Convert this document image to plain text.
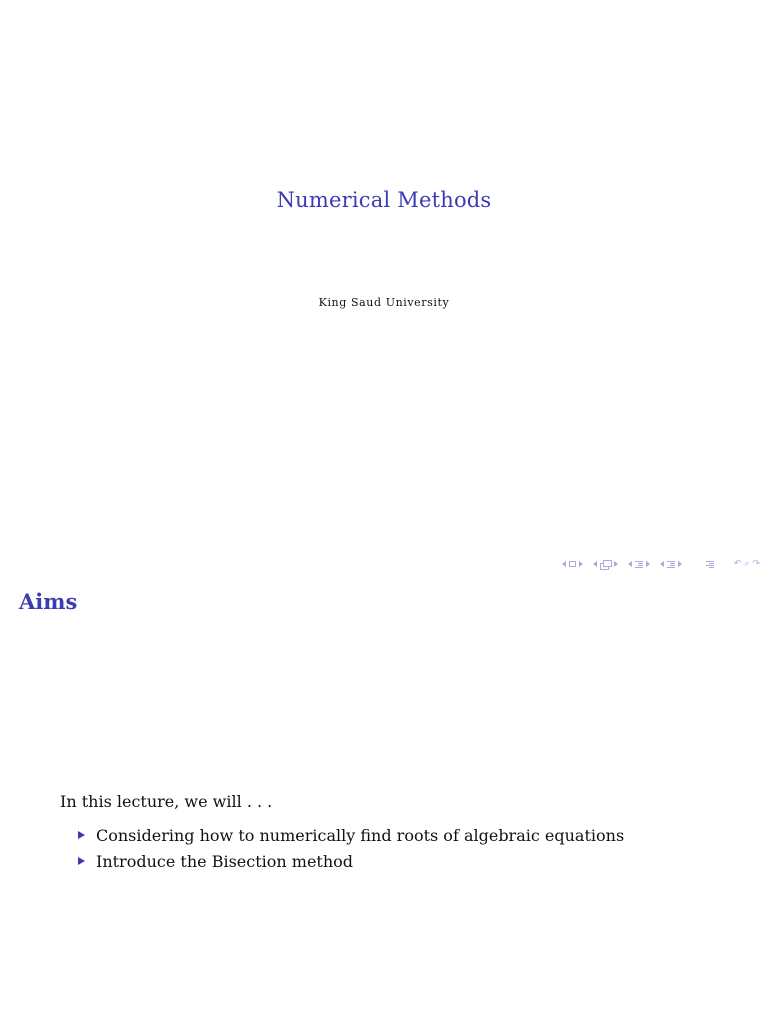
Numerical Methods
King Saud University
↶ ⌕ ↷
Aims
In this lecture, we will . . .
Considering how to numerically find roots of algebraic equations
Introduce the Bisection method
